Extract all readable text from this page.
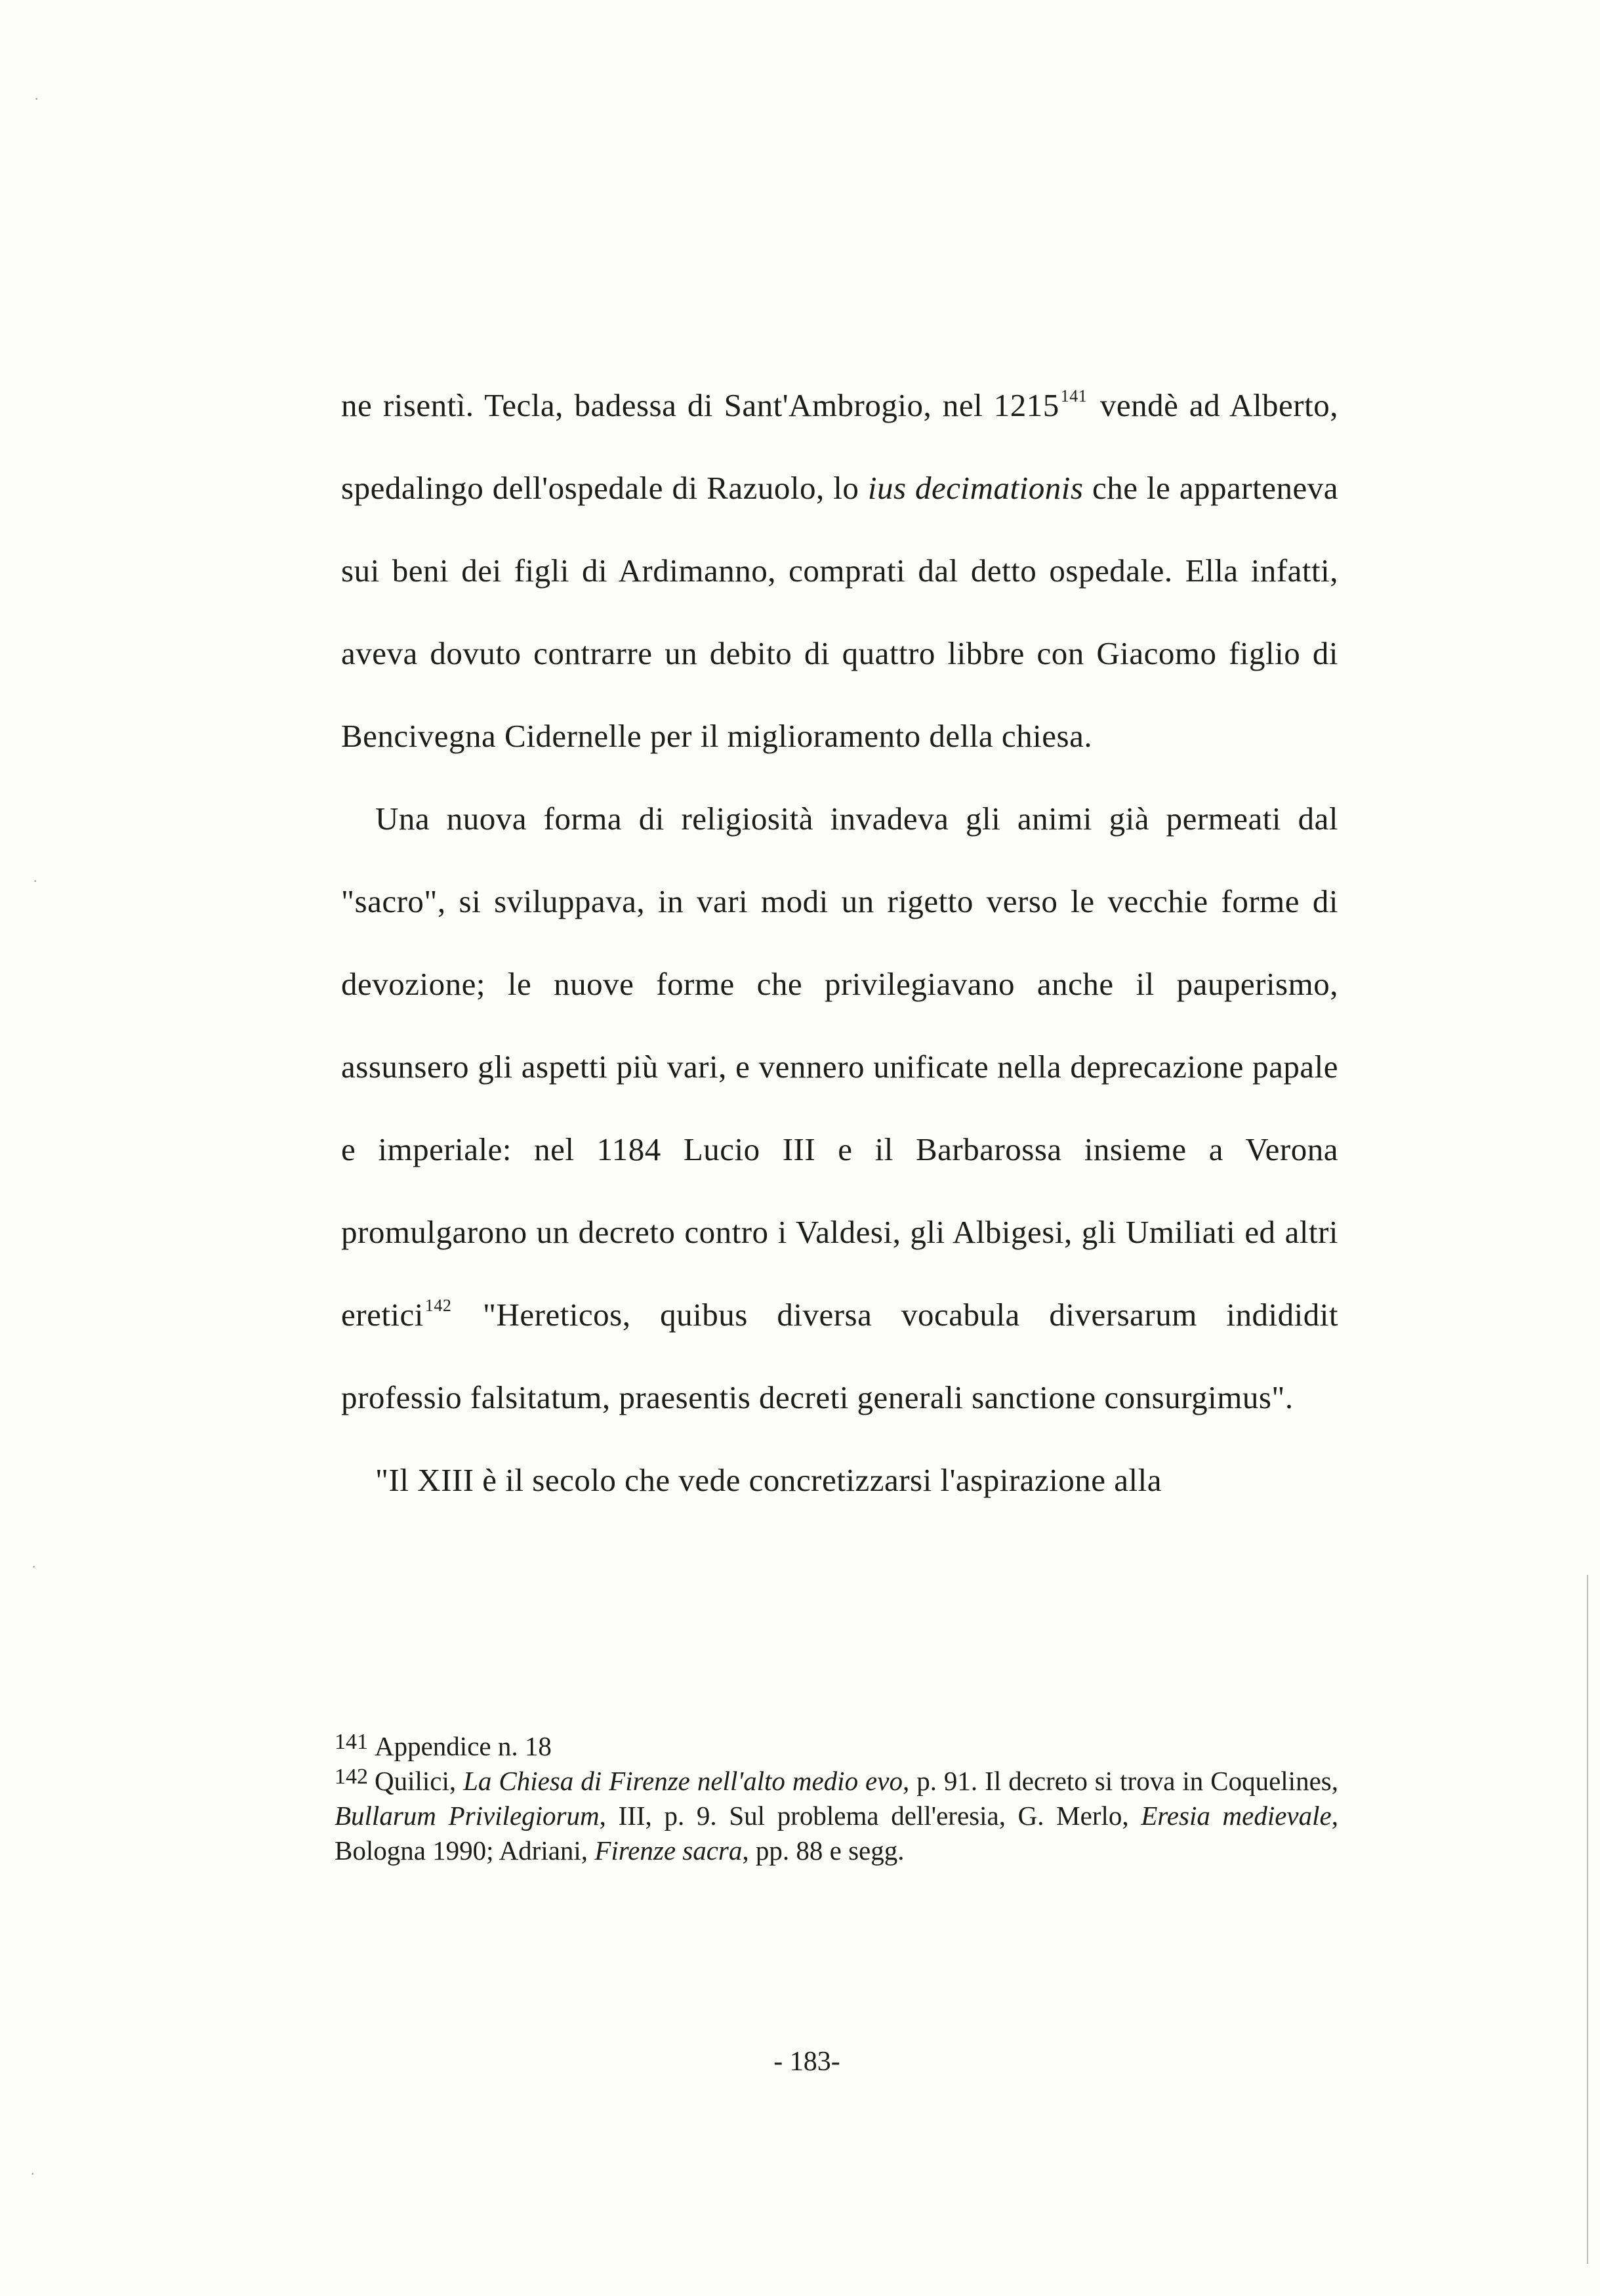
ne risentì. Tecla, badessa di Sant'Ambrogio, nel 1215$^{141}$ vendè ad Alberto, spedalingo dell'ospedale di Razuolo, lo ius decimationis che le apparteneva sui beni dei figli di Ardimanno, comprati dal detto ospedale. Ella infatti, aveva dovuto contrarre un debito di quattro libbre con Giacomo figlio di Bencivegna Cidernelle per il miglioramento della chiesa.

Una nuova forma di religiosità invadeva gli animi già permeati dal "sacro", si sviluppava, in vari modi un rigetto verso le vecchie forme di devozione; le nuove forme che privilegiavano anche il pauperismo, assunsero gli aspetti più vari, e vennero unificate nella deprecazione papale e imperiale: nel 1184 Lucio III e il Barbarossa insieme a Verona promulgarono un decreto contro i Valdesi, gli Albigesi, gli Umiliati ed altri eretici$^{142}$ "Hereticos, quibus diversa vocabula diversarum indididit professio falsitatum, praesentis decreti generali sanctione consurgimus".

"Il XIII è il secolo che vede concretizzarsi l'aspirazione alla

$^{141}$ Appendice n. 18

$^{142}$ Quilici, La Chiesa di Firenze nell'alto medio evo, p. 91. Il decreto si trova in Coquelines, Bullarum Privilegiorum, III, p. 9. Sul problema dell'eresia, G. Merlo, Eresia medievale, Bologna 1990; Adriani, Firenze sacra, pp. 88 e segg.

- 183-
·
·
·
·
